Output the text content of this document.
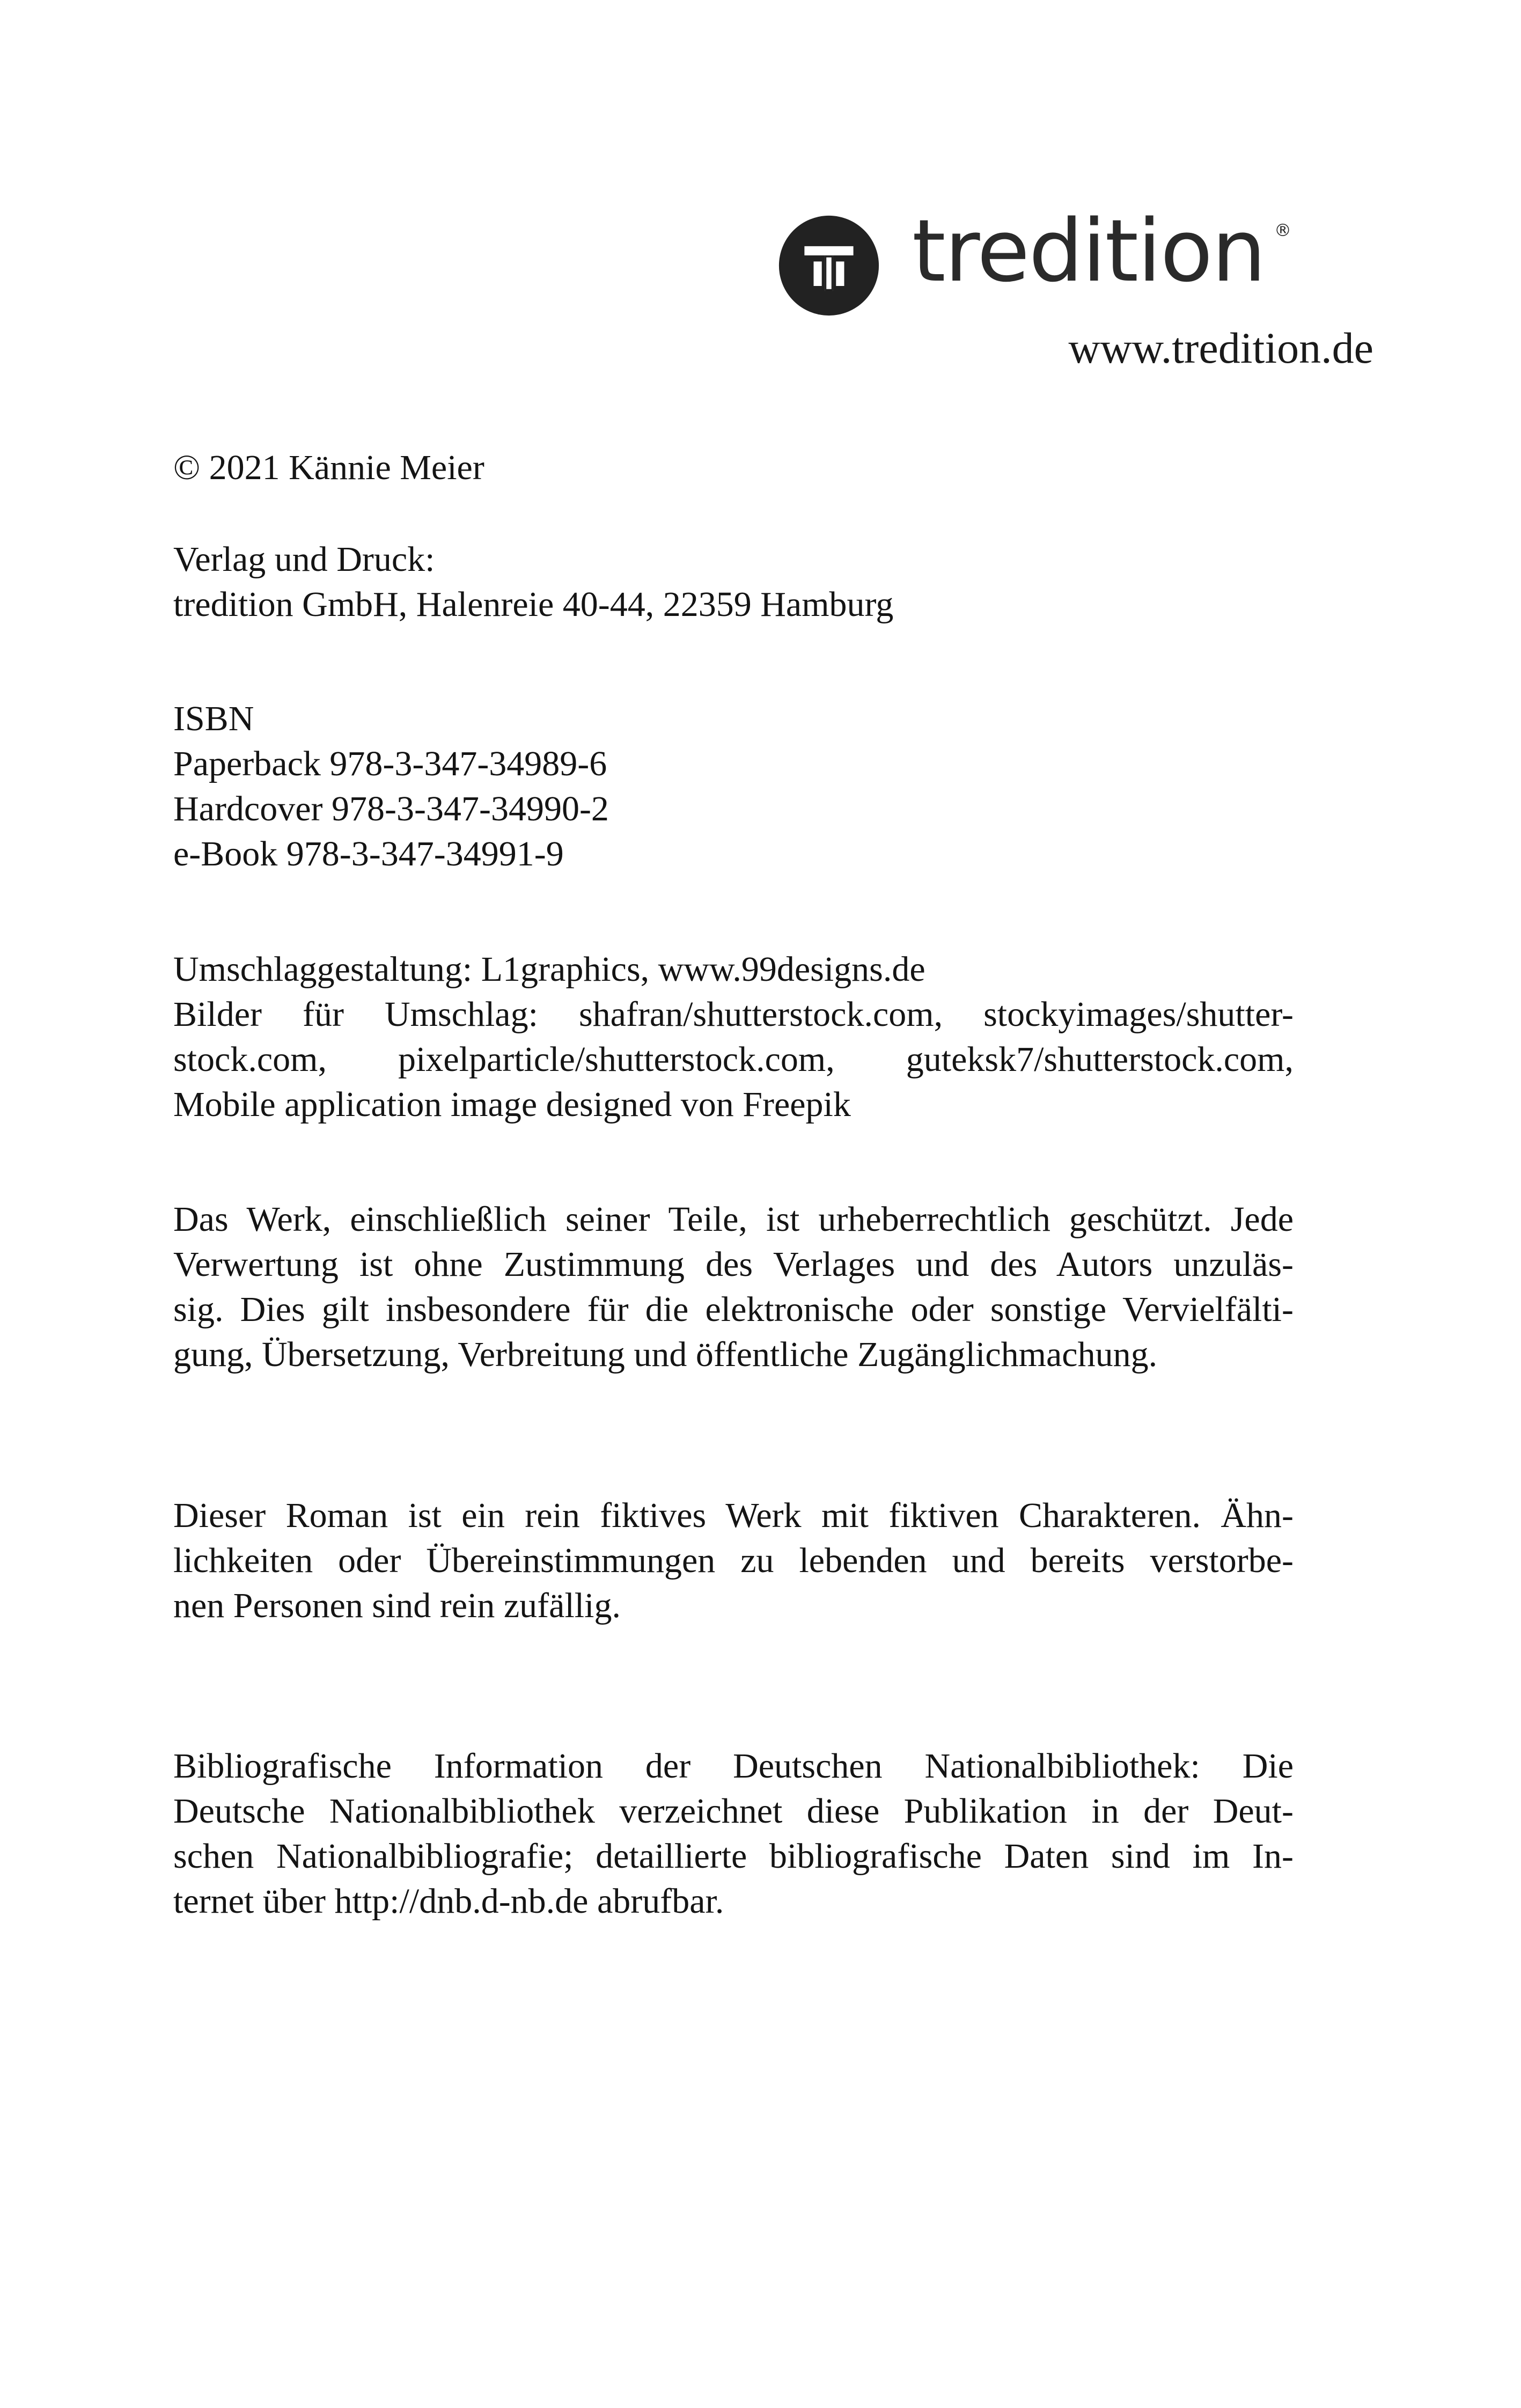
tredition ®
www.tredition.de

© 2021 Kännie Meier

Verlag und Druck:
tredition GmbH, Halenreie 40-44, 22359 Hamburg

ISBN
Paperback 978-3-347-34989-6
Hardcover 978-3-347-34990-2
e-Book 978-3-347-34991-9

Umschlaggestaltung: L1graphics, www.99designs.de
Bilder für Umschlag: shafran/shutterstock.com, stockyimages/shutter-
stock.com, pixelparticle/shutterstock.com, guteksk7/shutterstock.com,
Mobile application image designed von Freepik

Das Werk, einschließlich seiner Teile, ist urheberrechtlich geschützt. Jede
Verwertung ist ohne Zustimmung des Verlages und des Autors unzuläs-
sig. Dies gilt insbesondere für die elektronische oder sonstige Vervielfälti-
gung, Übersetzung, Verbreitung und öffentliche Zugänglichmachung.

Dieser Roman ist ein rein fiktives Werk mit fiktiven Charakteren. Ähn-
lichkeiten oder Übereinstimmungen zu lebenden und bereits verstorbe-
nen Personen sind rein zufällig.

Bibliografische Information der Deutschen Nationalbibliothek: Die
Deutsche Nationalbibliothek verzeichnet diese Publikation in der Deut-
schen Nationalbibliografie; detaillierte bibliografische Daten sind im In-
ternet über http://dnb.d-nb.de abrufbar.
